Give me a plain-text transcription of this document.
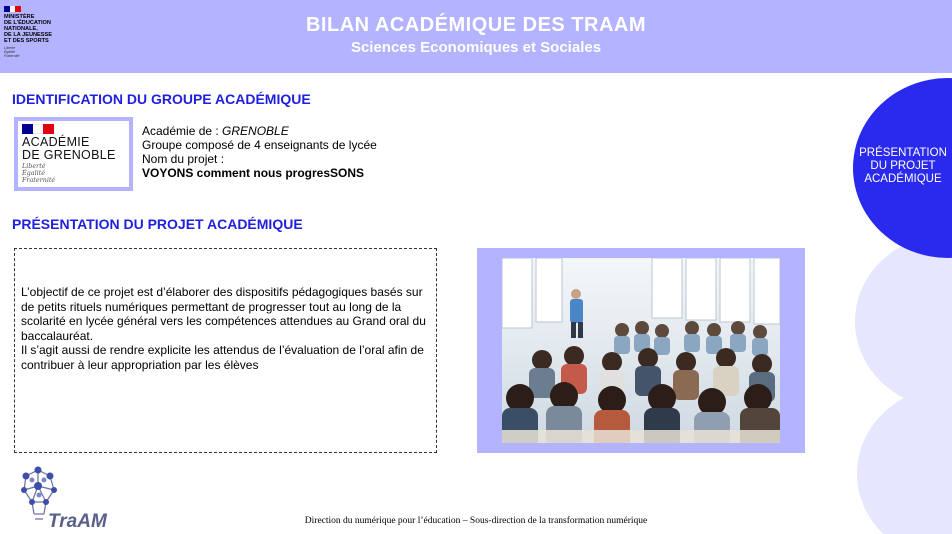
MINISTÈRE
DE L'ÉDUCATION
NATIONALE,
DE LA JEUNESSE
ET DES SPORTS
Liberté
Égalité
Fraternité
BILAN ACADÉMIQUE DES TRAAM
Sciences Economiques et Sociales
IDENTIFICATION DU GROUPE ACADÉMIQUE
ACADÉMIE
DE GRENOBLE
Liberté
Égalité
Fraternité
Académie de : GRENOBLE
Groupe composé de 4 enseignants de lycée
Nom du projet :
VOYONS comment nous progresSONS
PRÉSENTATION DU PROJET ACADÉMIQUE
L’objectif de ce projet est d’élaborer des dispositifs pédagogiques basés sur de petits rituels numériques permettant de progresser tout au long de la scolarité en lycée général vers les compétences attendues au Grand oral du baccalauréat.
Il s’agit aussi de rendre explicite les attendus de l’évaluation de l’oral afin de contribuer à leur appropriation par les élèves
PRÉSENTATION DU PROJET ACADÉMIQUE
TraAM	Direction du numérique pour l’éducation – Sous-direction de la transformation numérique
